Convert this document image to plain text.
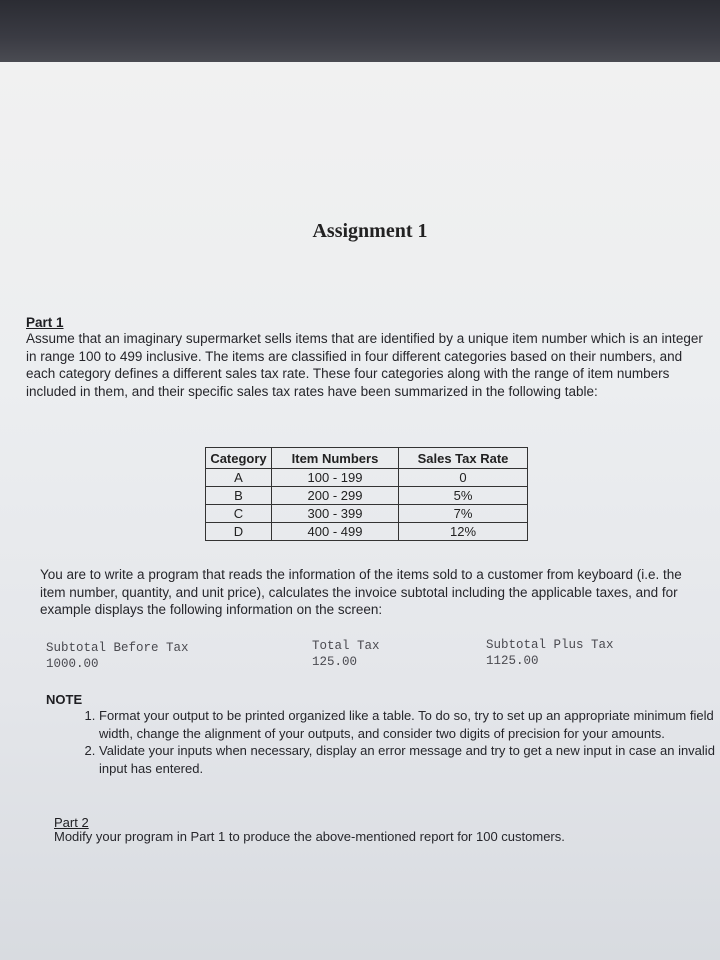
Assignment 1
Part 1
Assume that an imaginary supermarket sells items that are identified by a unique item number which is an integer in range 100 to 499 inclusive. The items are classified in four different categories based on their numbers, and each category defines a different sales tax rate. These four categories along with the range of item numbers included in them, and their specific sales tax rates have been summarized in the following table:
Category	Item Numbers	Sales Tax Rate
A	100 - 199	0
B	200 - 299	5%
C	300 - 399	7%
D	400 - 499	12%
You are to write a program that reads the information of the items sold to a customer from keyboard (i.e. the item number, quantity, and unit price), calculates the invoice subtotal including the applicable taxes, and for example displays the following information on the screen:
Subtotal Before Tax
1000.00
Total Tax
125.00
Subtotal Plus Tax
1125.00
NOTE
1. Format your output to be printed organized like a table. To do so, try to set up an appropriate minimum field width, change the alignment of your outputs, and consider two digits of precision for your amounts.
2. Validate your inputs when necessary, display an error message and try to get a new input in case an invalid input has entered.
Part 2
Modify your program in Part 1 to produce the above-mentioned report for 100 customers.
